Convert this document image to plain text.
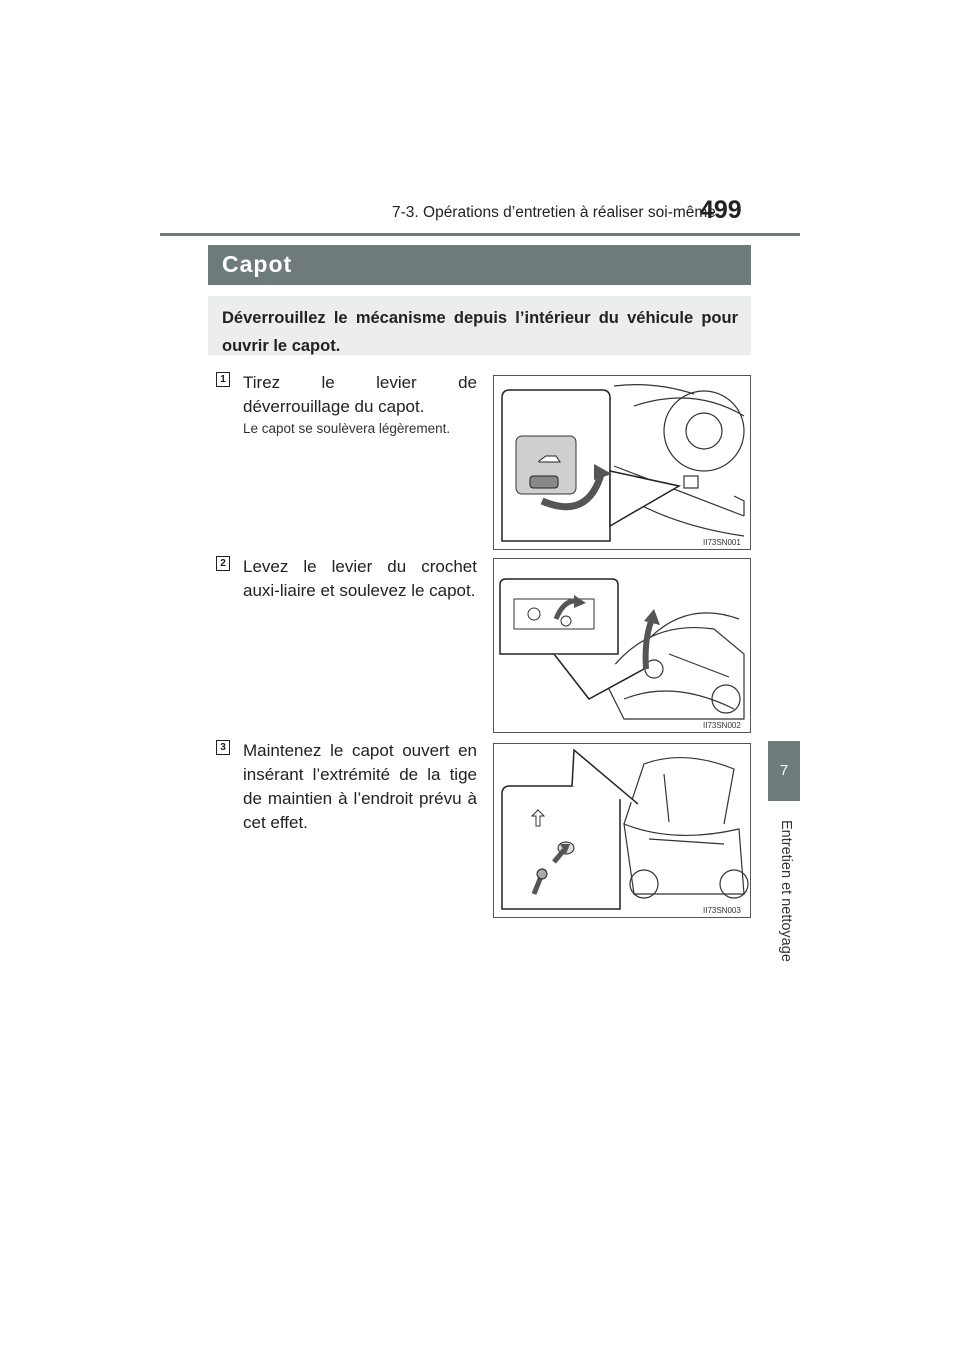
7-3. Opérations d’entretien à réaliser soi-même
499
7
Entretien et nettoyage
Capot
Déverrouillez le mécanisme depuis l’intérieur du véhicule pour ouvrir le capot.
1 Tirez le levier de déverrouillage du capot.
Le capot se soulèvera légèrement.
II73SN001
2 Levez le levier du crochet auxi-liaire et soulevez le capot.
II73SN002
3 Maintenez le capot ouvert en insérant l’extrémité de la tige de maintien à l’endroit prévu à cet effet.
II73SN003
